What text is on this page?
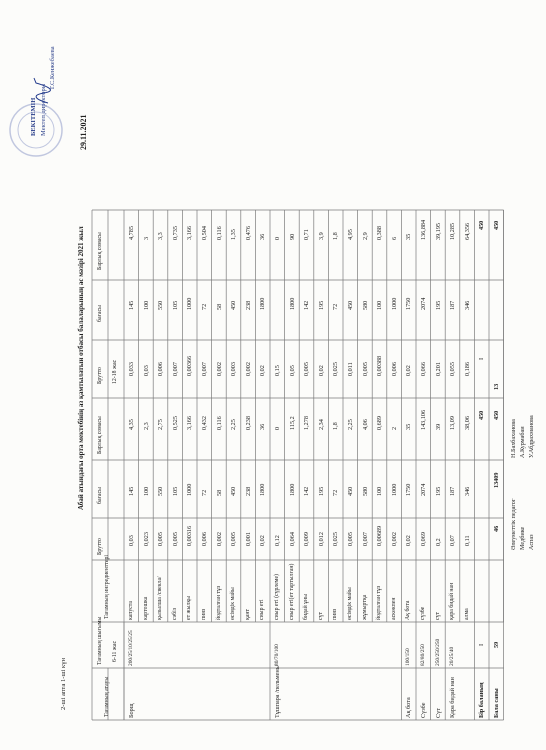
Тағамның атауы
Тағамның шығымы 6-11 жас
Тағамның ингредиенттері
Брутто
бағасы
Барлық сомасы
Брутто 12-18 жас
бағасы
Барлық сомасы
Борщ
200/25/10/25/25
капуста
0,03
145
4,35
0,033
145
4,785
картошка
0,023
100
2,3
0,03
100
3
қызылша /свекла/
0,005
550
2,75
0,006
550
3,3
сәбіз
0,005
105
0,525
0,007
105
0,735
ет жылқы
0,00316
1000
3,166
0,00366
1000
3,166
пияз
0,006
72
0,432
0,007
72
0,504
йодталған тұз
0,002
58
0,116
0,002
58
0,116
өсімдік майы
0,005
450
2,25
0,003
450
1,35
қант
0,001
238
0,238
0,002
238
0,476
сиыр еті
0,02
1800
36
0,02
1800
36
Тұшпара /пельмень/
80/70/100
сиыр еті (сүрлеме)
0,12
0
0,15
0
сиыр еті(ет тартылған)
0,064
1800
115,2
0,05
1800
90
бидай ұны
0,009
142
1,278
0,005
142
0,71
сүт
0,012
195
2,34
0,02
195
3,9
пияз
0,025
72
1,8
0,025
72
1,8
өсімдік майы
0,005
450
2,25
0,011
450
4,95
жұмыртқа
0,007
580
4,06
0,005
580
2,9
йодталған тұз
0,00689
100
0,689
0,00388
100
0,388
аскөкпен
0,002
1000
2
0,006
1000
6
Ақ бота
100/150
Ақ бота
0,02
1750
35
0,02
1750
35
Сүзбе
82/80/250
сүзбе
0,069
2074
143,106
0,066
2074
136,884
Сүт
250/250/250
сүт
0,2
195
39
0,201
195
39,195
Қара бидай нан
20/25/40
қара бидай нан
0,07
187
13,09
0,055
187
10,285
алма
0,11
346
38,06
0,186
346
64,356
Бір баланың
I
450
I
450
Бала саны
59
46
13409
450
13
450
2-ші апта 1-ші күн
Абай атындағы орта мектебінің аз қамтылатын отбасы балаларының ас мәзірі 2021 жыл
29.11.2021
БЕКІТЕМІН Мектеп директоры
Т.С.Кенжебаева
Әлеуметтік педагог
Н.Бахбаханова
Медбике
А.Курмабаи
Аспаз
У.Абдрахманова
